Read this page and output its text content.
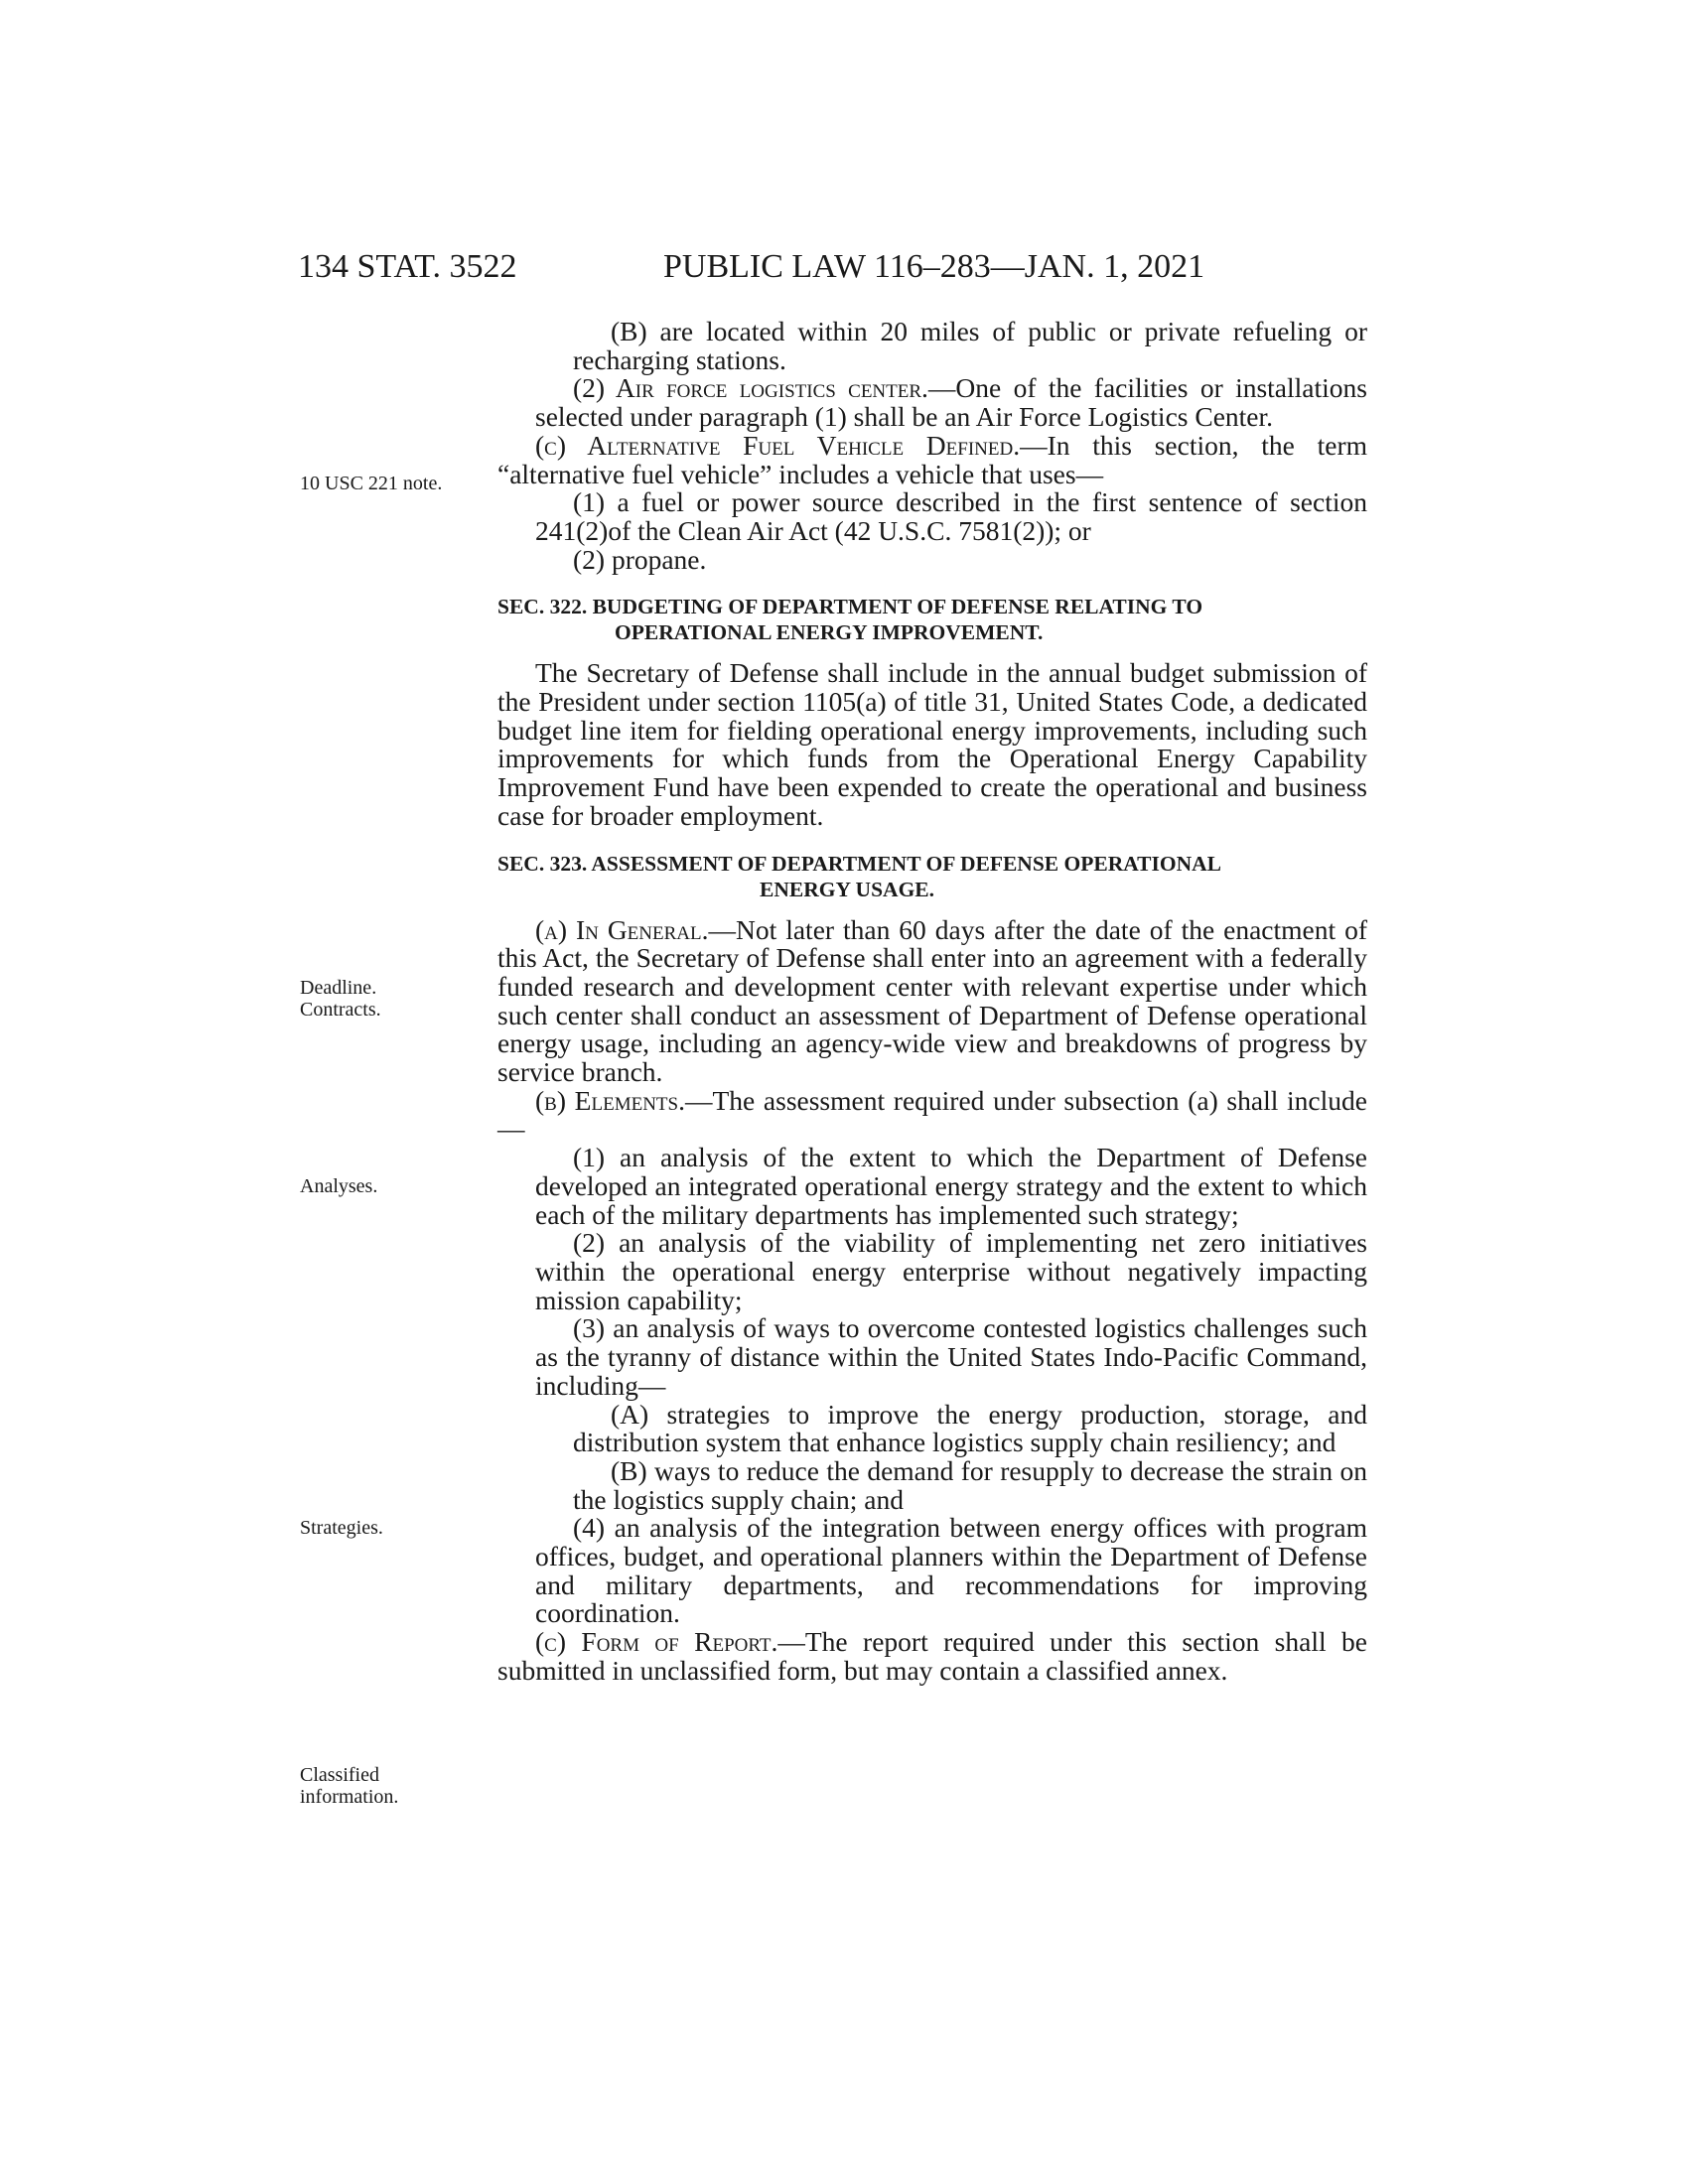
134 STAT. 3522	PUBLIC LAW 116–283—JAN. 1, 2021
10 USC 221 note.
Deadline.
Contracts.
Analyses.
Strategies.
Classified
information.

(B) are located within 20 miles of public or private refueling or recharging stations.

(2) Air force logistics center.—One of the facilities or installations selected under paragraph (1) shall be an Air Force Logistics Center.

(c) Alternative Fuel Vehicle Defined.—In this section, the term “alternative fuel vehicle” includes a vehicle that uses—

(1) a fuel or power source described in the first sentence of section 241(2)of the Clean Air Act (42 U.S.C. 7581(2)); or

(2) propane.

SEC. 322. BUDGETING OF DEPARTMENT OF DEFENSE RELATING TO
OPERATIONAL ENERGY IMPROVEMENT.

The Secretary of Defense shall include in the annual budget submission of the President under section 1105(a) of title 31, United States Code, a dedicated budget line item for fielding operational energy improvements, including such improvements for which funds from the Operational Energy Capability Improvement Fund have been expended to create the operational and business case for broader employment.

SEC. 323. ASSESSMENT OF DEPARTMENT OF DEFENSE OPERATIONAL
ENERGY USAGE.

(a) In General.—Not later than 60 days after the date of the enactment of this Act, the Secretary of Defense shall enter into an agreement with a federally funded research and development center with relevant expertise under which such center shall conduct an assessment of Department of Defense operational energy usage, including an agency-wide view and breakdowns of progress by service branch.

(b) Elements.—The assessment required under subsection (a) shall include—

(1) an analysis of the extent to which the Department of Defense developed an integrated operational energy strategy and the extent to which each of the military departments has implemented such strategy;

(2) an analysis of the viability of implementing net zero initiatives within the operational energy enterprise without negatively impacting mission capability;

(3) an analysis of ways to overcome contested logistics challenges such as the tyranny of distance within the United States Indo-Pacific Command, including—

(A) strategies to improve the energy production, storage, and distribution system that enhance logistics supply chain resiliency; and

(B) ways to reduce the demand for resupply to decrease the strain on the logistics supply chain; and

(4) an analysis of the integration between energy offices with program offices, budget, and operational planners within the Department of Defense and military departments, and recommendations for improving coordination.

(c) Form of Report.—The report required under this section shall be submitted in unclassified form, but may contain a classified annex.
